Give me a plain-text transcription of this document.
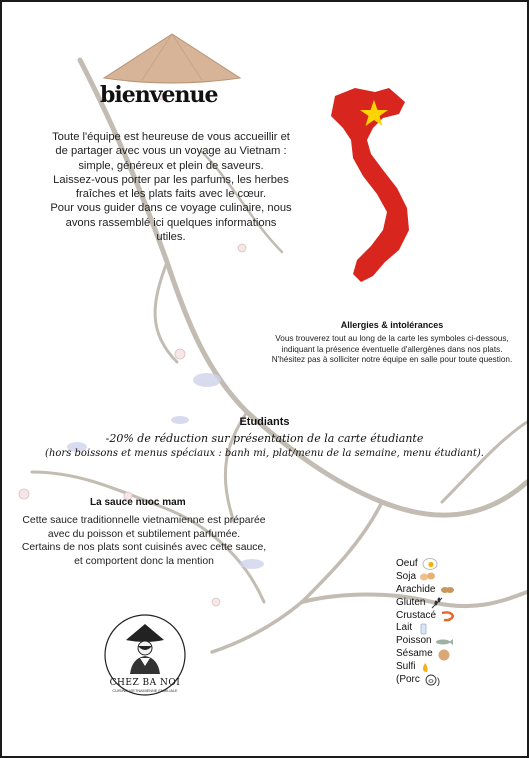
bienvenue

Toute l'équipe est heureuse de vous accueillir et de partager avec vous un voyage au Vietnam : simple, généreux et plein de saveurs.

Laissez-vous porter par les parfums, les herbes fraîches et les plats faits avec le cœur.

Pour vous guider dans ce voyage culinaire, nous avons rassemblé ici quelques informations utiles.

Allergies & intolérances

Vous trouverez tout au long de la carte les symboles ci-dessous, indiquant la présence éventuelle d'allergènes dans nos plats.

N'hésitez pas à solliciter notre équipe en salle pour toute question.

Etudiants
-20% de réduction sur présentation de la carte étudiante
(hors boissons et menus spéciaux : banh mi, plat/menu de la semaine, menu étudiant).
La sauce nuoc mam

Cette sauce traditionnelle vietnamienne est préparée avec du poisson et subtilement parfumée.

Certains de nos plats sont cuisinés avec cette sauce, et comportent donc la mention

CHEZ BA NOI
CUISINE VIETNAMIENNE FAMILIALE
Oeuf
Soja
Arachide
Gluten
Crustacé
Lait
Poisson
Sésame
Sulfi
(Porc )
